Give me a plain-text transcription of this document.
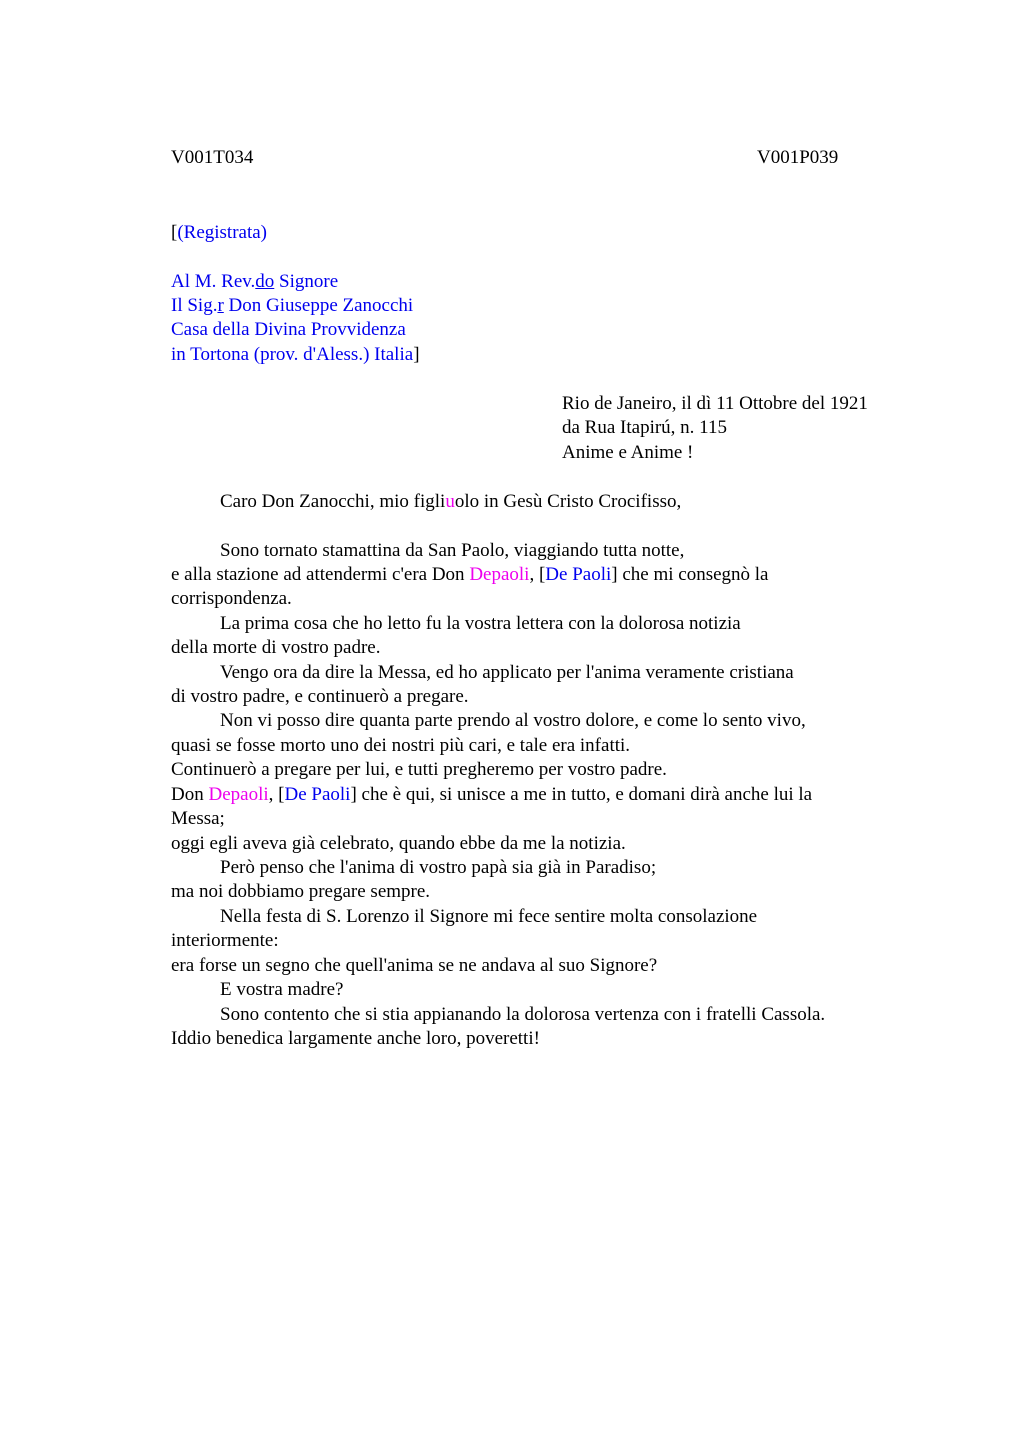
V001T034	V001P039
[(Registrata)
Al M. Rev.do Signore
Il Sig.r Don Giuseppe Zanocchi
Casa della Divina Provvidenza
in Tortona (prov. d'Aless.) Italia]
Rio de Janeiro, il dì 11 Ottobre del 1921
da Rua Itapirú, n. 115
Anime e Anime !
Caro Don Zanocchi, mio figliuolo in Gesù Cristo Crocifisso,
Sono tornato stamattina da San Paolo, viaggiando tutta notte,
e alla stazione ad attendermi c'era Don Depaoli, [De Paoli] che mi consegnò la
corrispondenza.
La prima cosa che ho letto fu la vostra lettera con la dolorosa notizia
della morte di vostro padre.
Vengo ora da dire la Messa, ed ho applicato per l'anima veramente cristiana
di vostro padre, e continuerò a pregare.
Non vi posso dire quanta parte prendo al vostro dolore, e come lo sento vivo,
quasi se fosse morto uno dei nostri più cari, e tale era infatti.
Continuerò a pregare per lui, e tutti pregheremo per vostro padre.
Don Depaoli, [De Paoli] che è qui, si unisce a me in tutto, e domani dirà anche lui la
Messa;
oggi egli aveva già celebrato, quando ebbe da me la notizia.
Però penso che l'anima di vostro papà sia già in Paradiso;
ma noi dobbiamo pregare sempre.
Nella festa di S. Lorenzo il Signore mi fece sentire molta consolazione
interiormente:
era forse un segno che quell'anima se ne andava al suo Signore?
E vostra madre?
Sono contento che si stia appianando la dolorosa vertenza con i fratelli Cassola.
Iddio benedica largamente anche loro, poveretti!
